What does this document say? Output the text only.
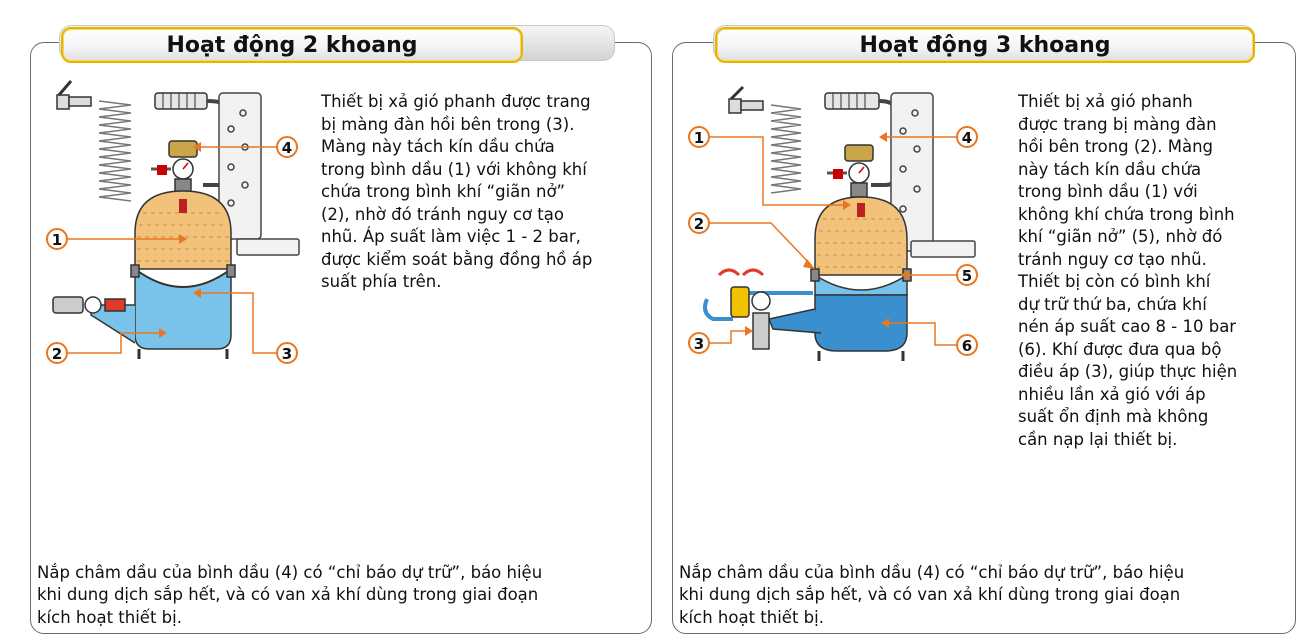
Hoạt động 2 khoang
1
2	3
4
Thiết bị xả gió phanh được trang
bị màng đàn hồi bên trong (3).
Màng này tách kín dầu chứa
trong bình dầu (1) với không khí
chứa trong bình khí “giãn nở”
(2), nhờ đó tránh nguy cơ tạo
nhũ. Áp suất làm việc 1 - 2 bar,
được kiểm soát bằng đồng hồ áp
suất phía trên.
Nắp châm dầu của bình dầu (4) có “chỉ báo dự trữ”, báo hiệu
khi dung dịch sắp hết, và có van xả khí dùng trong giai đoạn
kích hoạt thiết bị.
Hoạt động 3 khoang
1
2
3
4
5
6
Thiết bị xả gió phanh
được trang bị màng đàn
hồi bên trong (2). Màng
này tách kín dầu chứa
trong bình dầu (1) với
không khí chứa trong bình
khí “giãn nở” (5), nhờ đó
tránh nguy cơ tạo nhũ.
Thiết bị còn có bình khí
dự trữ thứ ba, chứa khí
nén áp suất cao 8 - 10 bar
(6). Khí được đưa qua bộ
điều áp (3), giúp thực hiện
nhiều lần xả gió với áp
suất ổn định mà không
cần nạp lại thiết bị.
Nắp châm dầu của bình dầu (4) có “chỉ báo dự trữ”, báo hiệu
khi dung dịch sắp hết, và có van xả khí dùng trong giai đoạn
kích hoạt thiết bị.
